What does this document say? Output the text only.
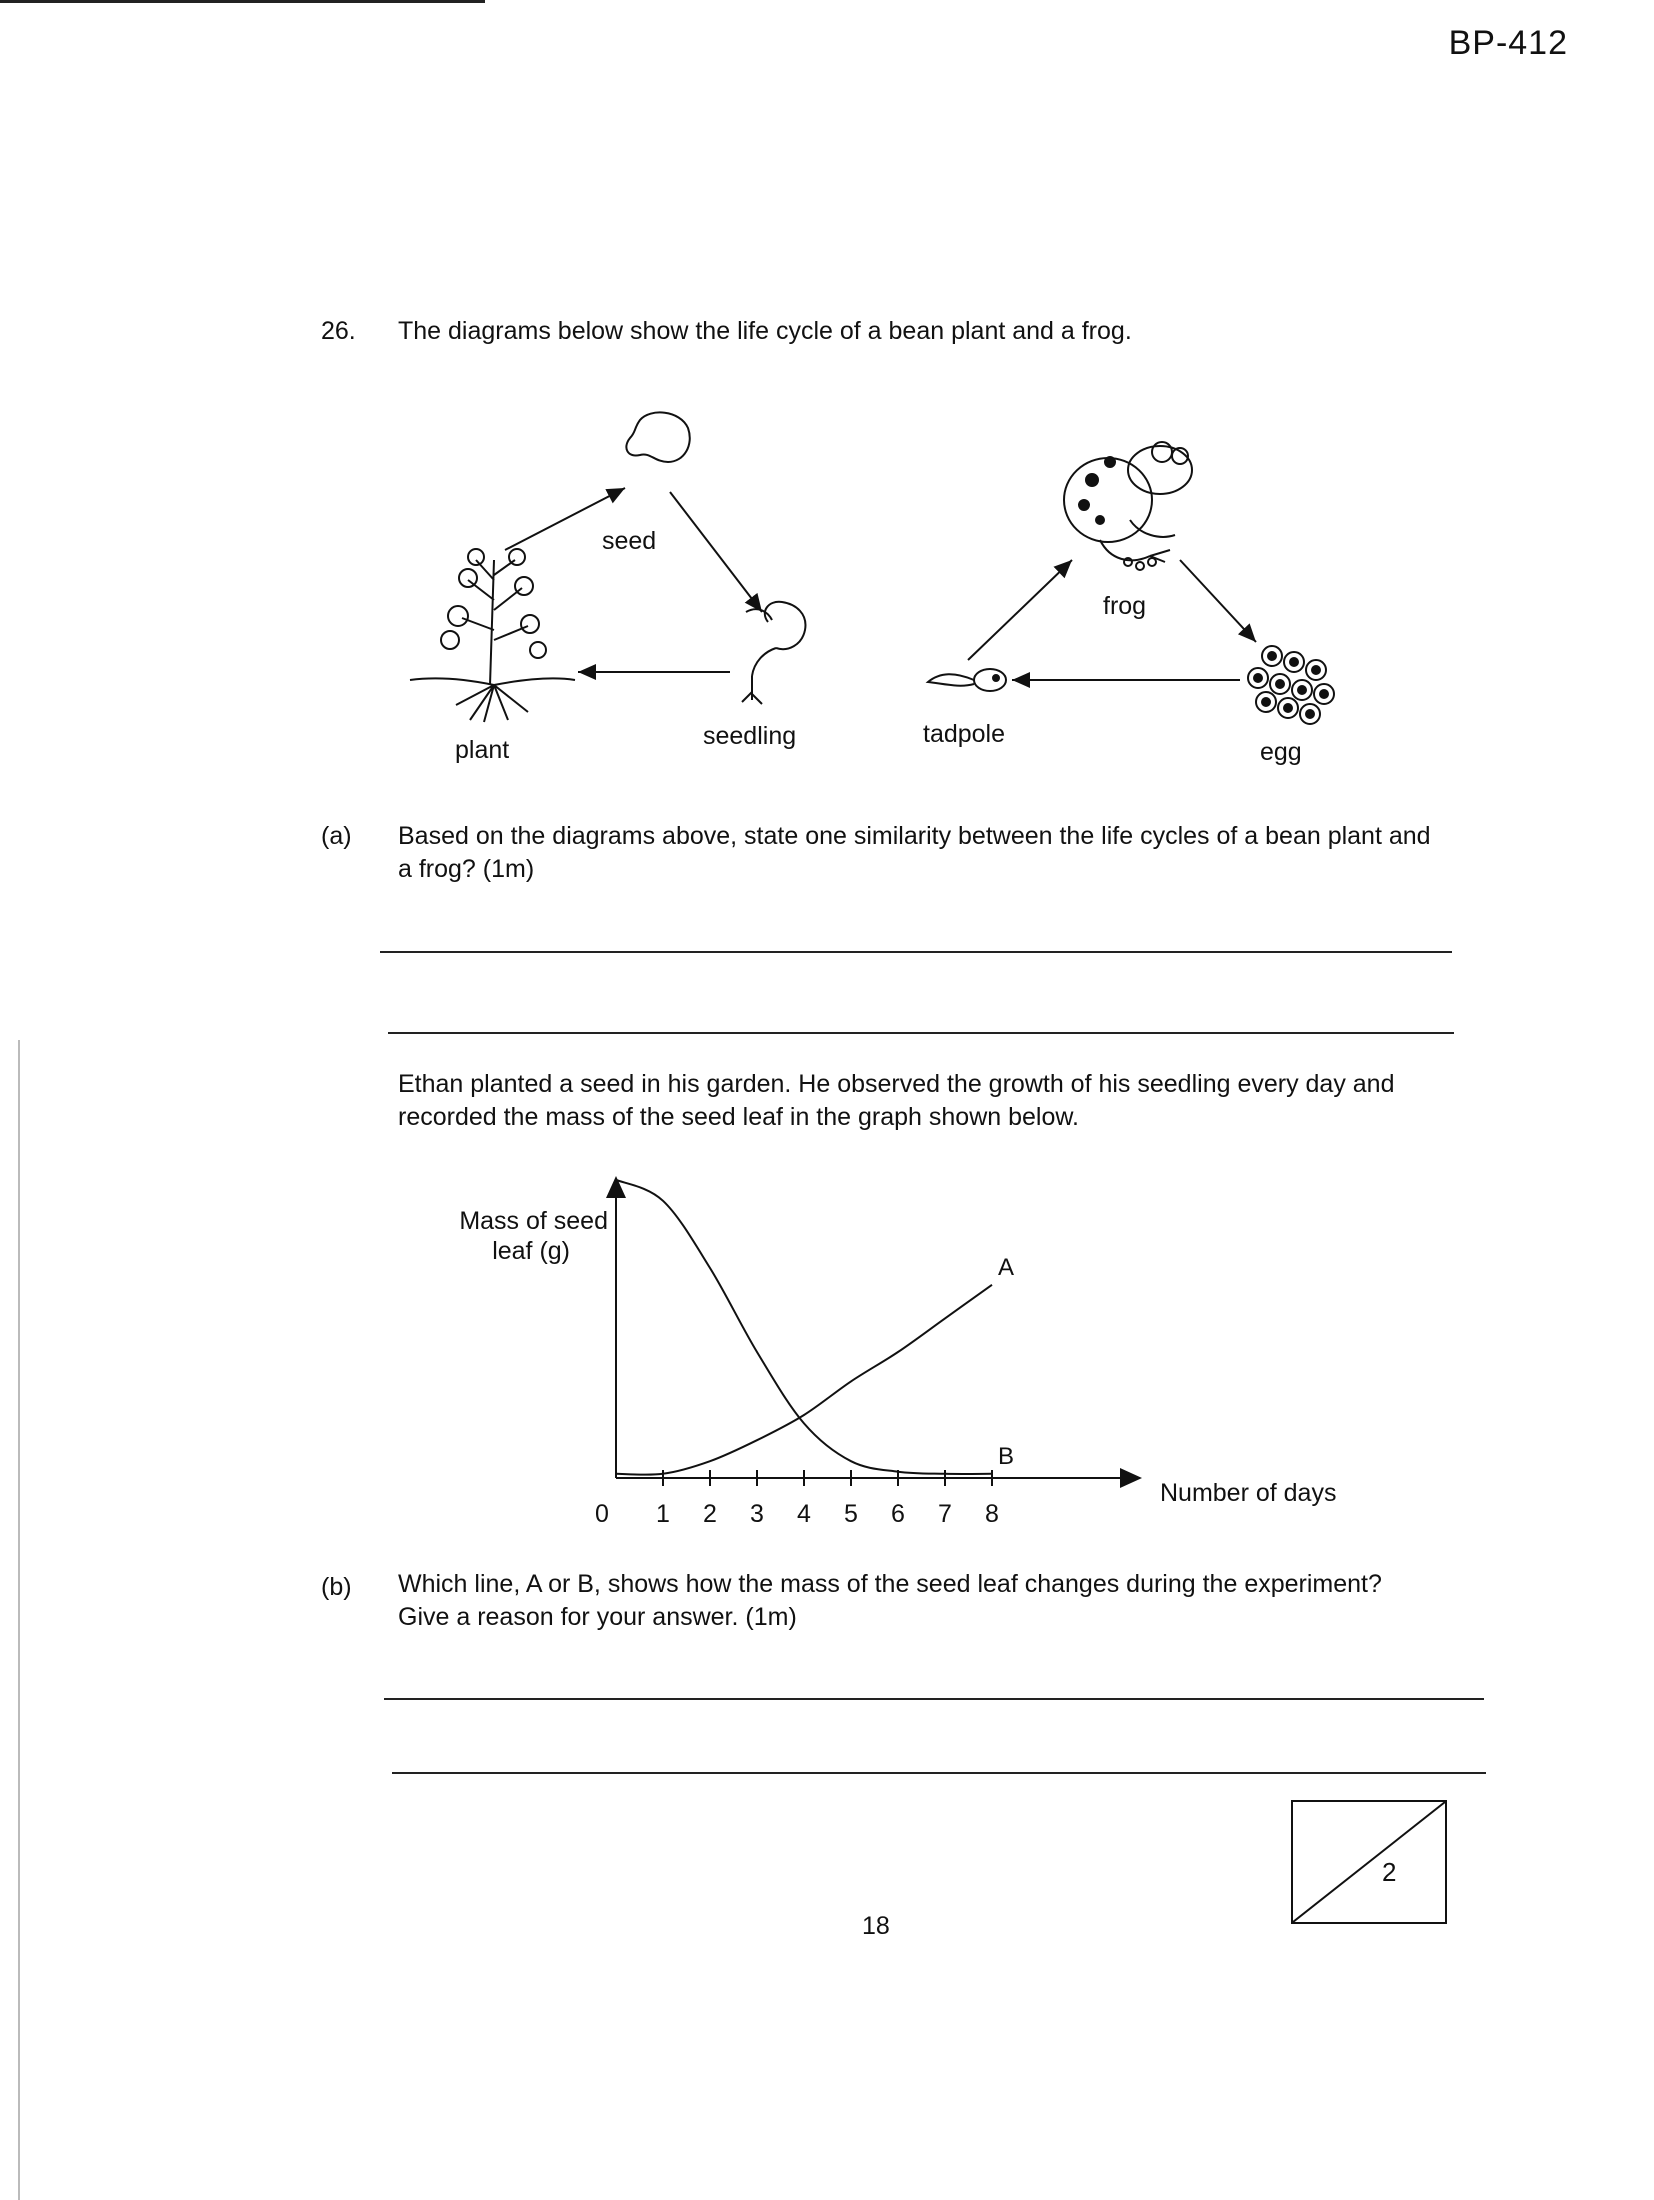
BP-412
26. The diagrams below show the life cycle of a bean plant and a frog.
seed
seedling
plant
frog
tadpole
egg
(a) Based on the diagrams above, state one similarity between the life cycles of a bean plant and a frog? (1m)
Ethan planted a seed in his garden. He observed the growth of his seedling every day and recorded the mass of the seed leaf in the graph shown below.
Mass of seed
leaf (g)
Number of days
0 1 2 3 4 5 6 7 8
A
B
(b) Which line, A or B, shows how the mass of the seed leaf changes during the experiment? Give a reason for your answer. (1m)
2
18
